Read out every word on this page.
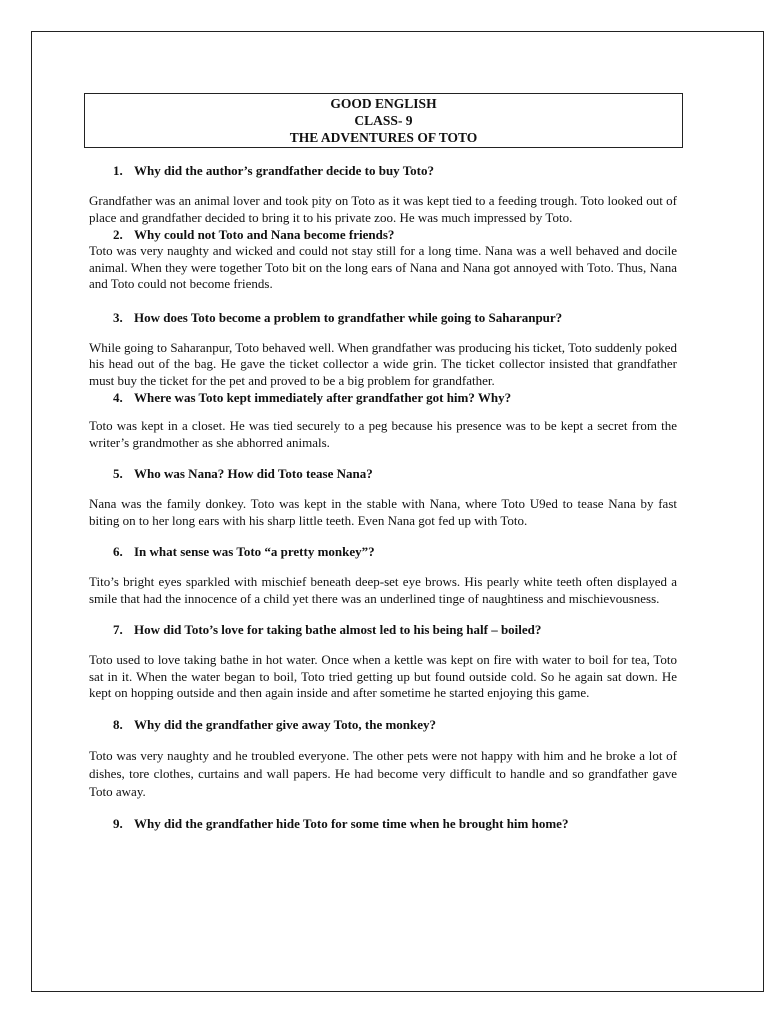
GOOD ENGLISH
CLASS- 9
THE ADVENTURES OF TOTO
1. Why did the author’s grandfather decide to buy Toto?
Grandfather was an animal lover and took pity on Toto as it was kept tied to a feeding trough. Toto looked out of place and grandfather decided to bring it to his private zoo. He was much impressed by Toto.
2. Why could not Toto and Nana become friends?
Toto was very naughty and wicked and could not stay still for a long time. Nana was a well behaved and docile animal. When they were together Toto bit on the long ears of Nana and Nana got annoyed with Toto. Thus, Nana and Toto could not become friends.
3. How does Toto become a problem to grandfather while going to Saharanpur?
While going to Saharanpur, Toto behaved well. When grandfather was producing his ticket, Toto suddenly poked his head out of the bag. He gave the ticket collector a wide grin. The ticket collector insisted that grandfather must buy the ticket for the pet and proved to be a big problem for grandfather.
4. Where was Toto kept immediately after grandfather got him? Why?
Toto was kept in a closet. He was tied securely to a peg because his presence was to be kept a secret from the writer’s grandmother as she abhorred animals.
5. Who was Nana? How did Toto tease Nana?
Nana was the family donkey. Toto was kept in the stable with Nana, where Toto U9ed to tease Nana by fast biting on to her long ears with his sharp little teeth. Even Nana got fed up with Toto.
6. In what sense was Toto “a pretty monkey”?
Tito’s bright eyes sparkled with mischief beneath deep-set eye brows. His pearly white teeth often displayed a smile that had the innocence of a child yet there was an underlined tinge of naughtiness and mischievousness.
7. How did Toto’s love for taking bathe almost led to his being half – boiled?
Toto used to love taking bathe in hot water. Once when a kettle was kept on fire with water to boil for tea, Toto sat in it. When the water began to boil, Toto tried getting up but found outside cold. So he again sat down. He kept on hopping outside and then again inside and after sometime he started enjoying this game.
8. Why did the grandfather give away Toto, the monkey?
Toto was very naughty and he troubled everyone. The other pets were not happy with him and he broke a lot of dishes, tore clothes, curtains and wall papers. He had become very difficult to handle and so grandfather gave Toto away.
9. Why did the grandfather hide Toto for some time when he brought him home?
